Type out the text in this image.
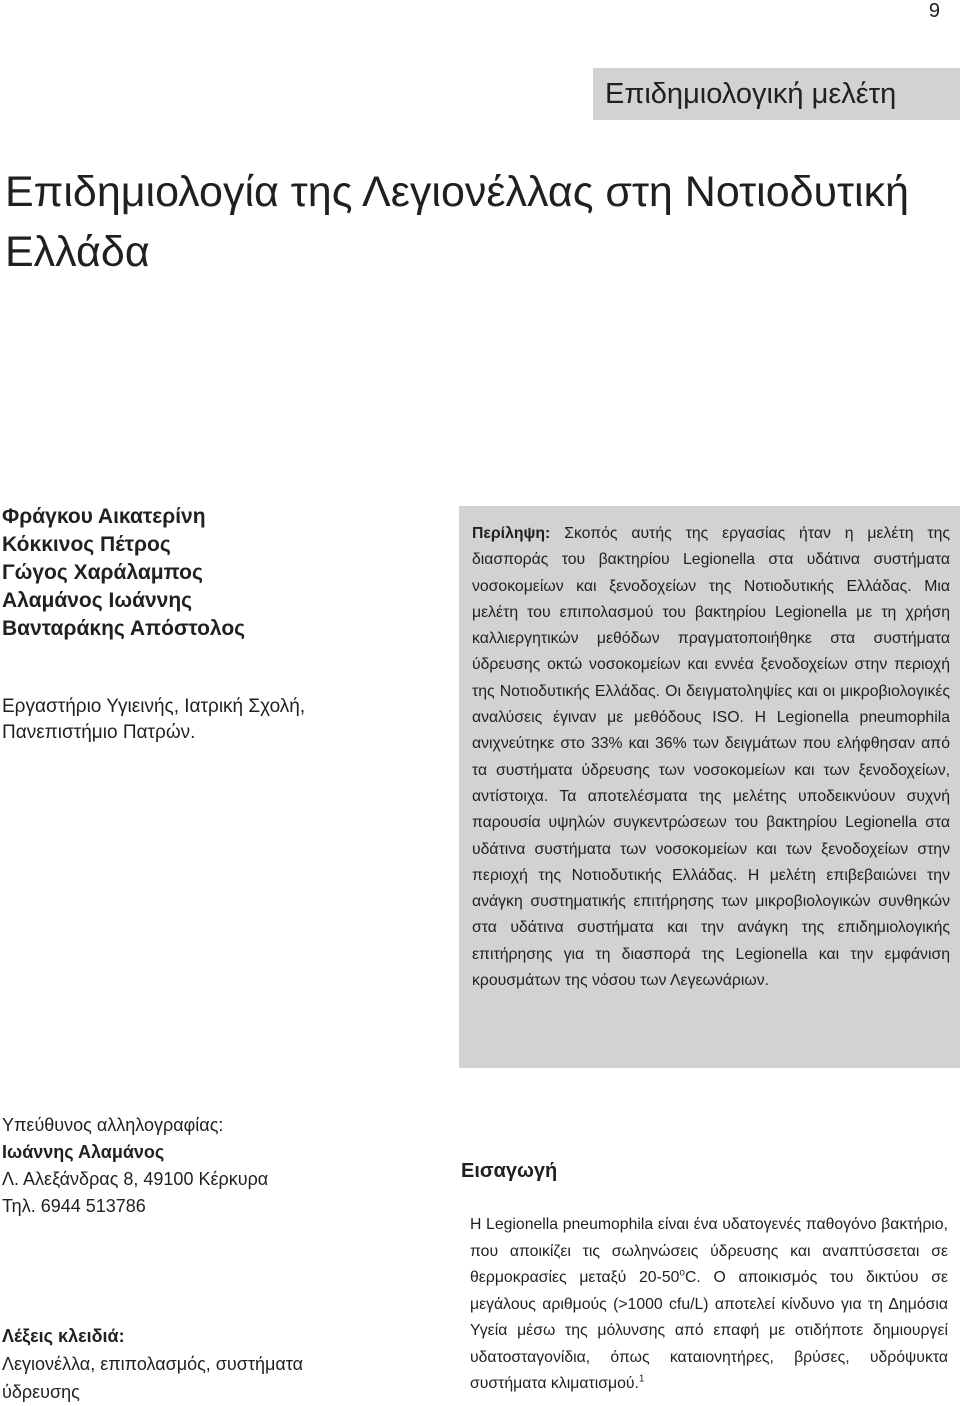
9
Επιδημιολογική μελέτη
Επιδημιολογία της Λεγιονέλλας στη Νοτιοδυτική Ελλάδα
Φράγκου Αικατερίνη
Κόκκινος Πέτρος
Γώγος Χαράλαμπος
Αλαμάνος Ιωάννης
Βανταράκης Απόστολος
Εργαστήριο Υγιεινής, Ιατρική Σχολή, Πανεπιστήμιο Πατρών.

Περίληψη: Σκοπός αυτής της εργασίας ήταν η μελέτη της διασποράς του βακτηρίου Legionella στα υδάτινα συστήματα νοσοκομείων και ξενοδοχείων της Νοτιοδυτικής Ελλάδας. Μια μελέτη του επιπολασμού του βακτηρίου Legionella με τη χρήση καλλιεργητικών μεθόδων πραγματοποιήθηκε στα συστήματα ύδρευσης οκτώ νοσοκομείων και εννέα ξενοδοχείων στην περιοχή της Νοτιοδυτικής Ελλάδας. Οι δειγματοληψίες και οι μικροβιολογικές αναλύσεις έγιναν με μεθόδους ISO. Η Legionella pneumophila ανιχνεύτηκε στο 33% και 36% των δειγμάτων που ελήφθησαν από τα συστήματα ύδρευσης των νοσοκομείων και των ξενοδοχείων, αντίστοιχα. Τα αποτελέσματα της μελέτης υποδεικνύουν συχνή παρουσία υψηλών συγκεντρώσεων του βακτηρίου Legionella στα υδάτινα συστήματα των νοσοκομείων και των ξενοδοχείων στην περιοχή της Νοτιοδυτικής Ελλάδας. Η μελέτη επιβεβαιώνει την ανάγκη συστηματικής επιτήρησης των μικροβιολογικών συνθηκών στα υδάτινα συστήματα και την ανάγκη της επιδημιολογικής επιτήρησης για τη διασπορά της Legionella και την εμφάνιση κρουσμάτων της νόσου των Λεγεωνάριων.

Υπεύθυνος αλληλογραφίας:
Ιωάννης Αλαμάνος
Λ. Αλεξάνδρας 8, 49100 Κέρκυρα
Τηλ. 6944 513786
Λέξεις κλειδιά:
Λεγιονέλλα, επιπολασμός, συστήματα ύδρευσης
Εισαγωγή

Η Legionella pneumophila είναι ένα υδατογενές παθογόνο βακτήριο, που αποικίζει τις σωληνώσεις ύδρευσης και αναπτύσσεται σε θερμοκρασίες μεταξύ $20-50^oC$. Ο αποικισμός του δικτύου σε μεγάλους αριθμούς (>1000 cfu/L) αποτελεί κίνδυνο για τη Δημόσια Υγεία μέσω της μόλυνσης από επαφή με οτιδήποτε δημιουργεί υδατοσταγονίδια, όπως καταιονητήρες, βρύσες, υδρόψυκτα συστήματα κλιματισμού.$^1$
